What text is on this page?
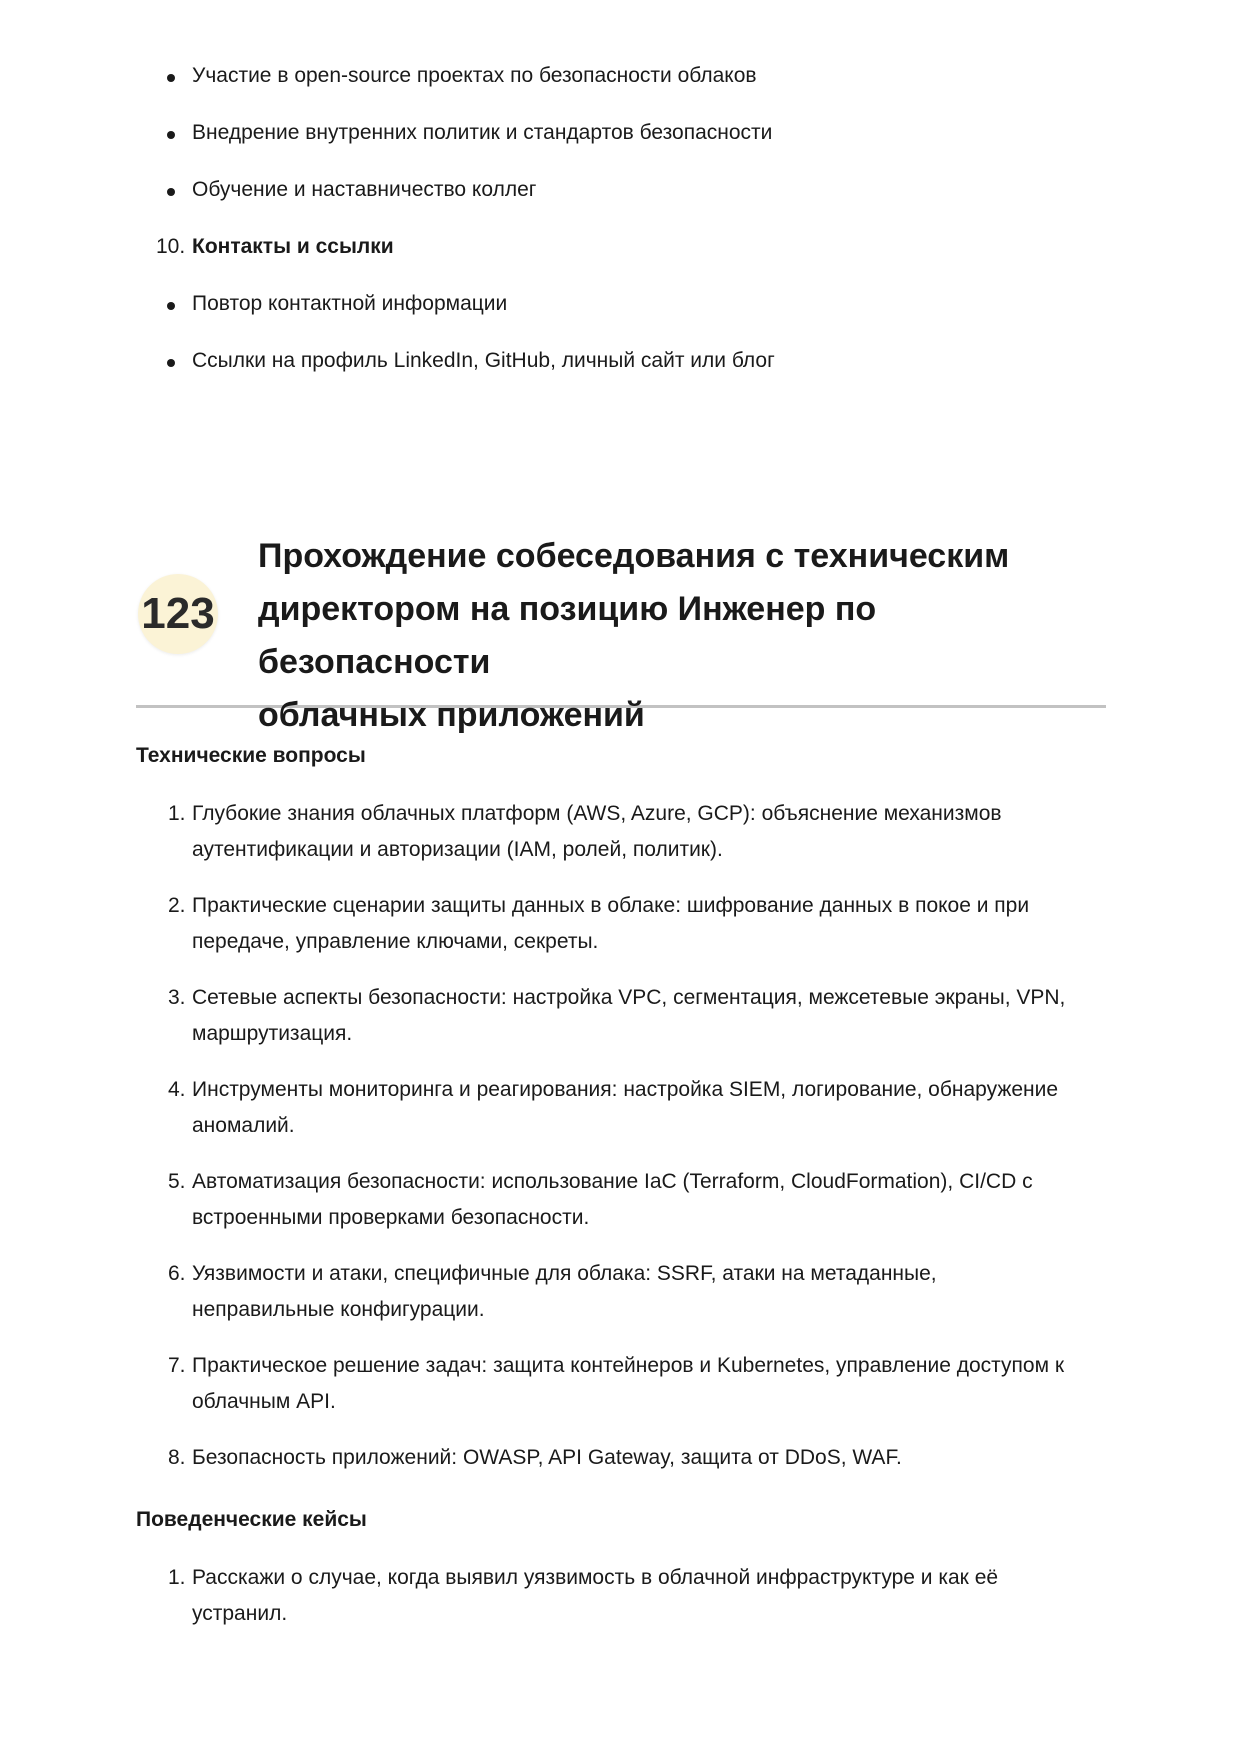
Участие в open-source проектах по безопасности облаков
Внедрение внутренних политик и стандартов безопасности
Обучение и наставничество коллег
10. Контакты и ссылки
Повтор контактной информации
Ссылки на профиль LinkedIn, GitHub, личный сайт или блог
123
Прохождение собеседования с техническим
директором на позицию Инженер по безопасности
облачных приложений
Технические вопросы
1. Глубокие знания облачных платформ (AWS, Azure, GCP): объяснение механизмов
аутентификации и авторизации (IAM, ролей, политик).
2. Практические сценарии защиты данных в облаке: шифрование данных в покое и при
передаче, управление ключами, секреты.
3. Сетевые аспекты безопасности: настройка VPC, сегментация, межсетевые экраны, VPN,
маршрутизация.
4. Инструменты мониторинга и реагирования: настройка SIEM, логирование, обнаружение
аномалий.
5. Автоматизация безопасности: использование IaC (Terraform, CloudFormation), CI/CD с
встроенными проверками безопасности.
6. Уязвимости и атаки, специфичные для облака: SSRF, атаки на метаданные,
неправильные конфигурации.
7. Практическое решение задач: защита контейнеров и Kubernetes, управление доступом к
облачным API.
8. Безопасность приложений: OWASP, API Gateway, защита от DDoS, WAF.
Поведенческие кейсы
1. Расскажи о случае, когда выявил уязвимость в облачной инфраструктуре и как её
устранил.
